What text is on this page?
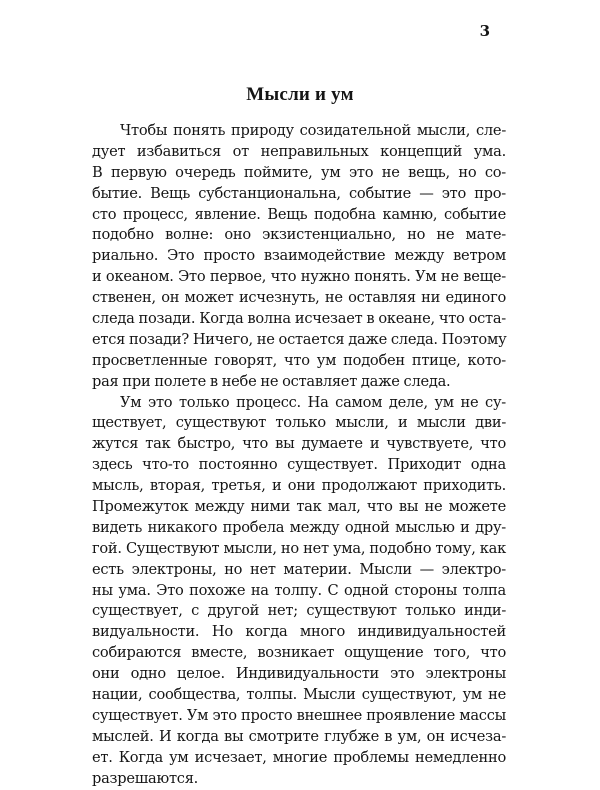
3
Мысли и ум
Чтобы понять природу созидательной мысли, сле-
дует избавиться от неправильных концепций ума.
В первую очередь поймите, ум это не вещь, но со-
бытие. Вещь субстанциональна, событие — это про-
сто процесс, явление. Вещь подобна камню, событие
подобно волне: оно экзистенциально, но не мате-
риально. Это просто взаимодействие между ветром
и океаном. Это первое, что нужно понять. Ум не веще-
ственен, он может исчезнуть, не оставляя ни единого
следа позади. Когда волна исчезает в океане, что оста-
ется позади? Ничего, не остается даже следа. Поэтому
просветленные говорят, что ум подобен птице, кото-
рая при полете в небе не оставляет даже следа.
Ум это только процесс. На самом деле, ум не су-
ществует, существуют только мысли, и мысли дви-
жутся так быстро, что вы думаете и чувствуете, что
здесь что-то постоянно существует. Приходит одна
мысль, вторая, третья, и они продолжают приходить.
Промежуток между ними так мал, что вы не можете
видеть никакого пробела между одной мыслью и дру-
гой. Существуют мысли, но нет ума, подобно тому, как
есть электроны, но нет материи. Мысли — электро-
ны ума. Это похоже на толпу. С одной стороны толпа
существует, с другой нет; существуют только инди-
видуальности. Но когда много индивидуальностей
собираются вместе, возникает ощущение того, что
они одно целое. Индивидуальности это электроны
нации, сообщества, толпы. Мысли существуют, ум не
существует. Ум это просто внешнее проявление массы
мыслей. И когда вы смотрите глубже в ум, он исчеза-
ет. Когда ум исчезает, многие проблемы немедленно
разрешаются.
